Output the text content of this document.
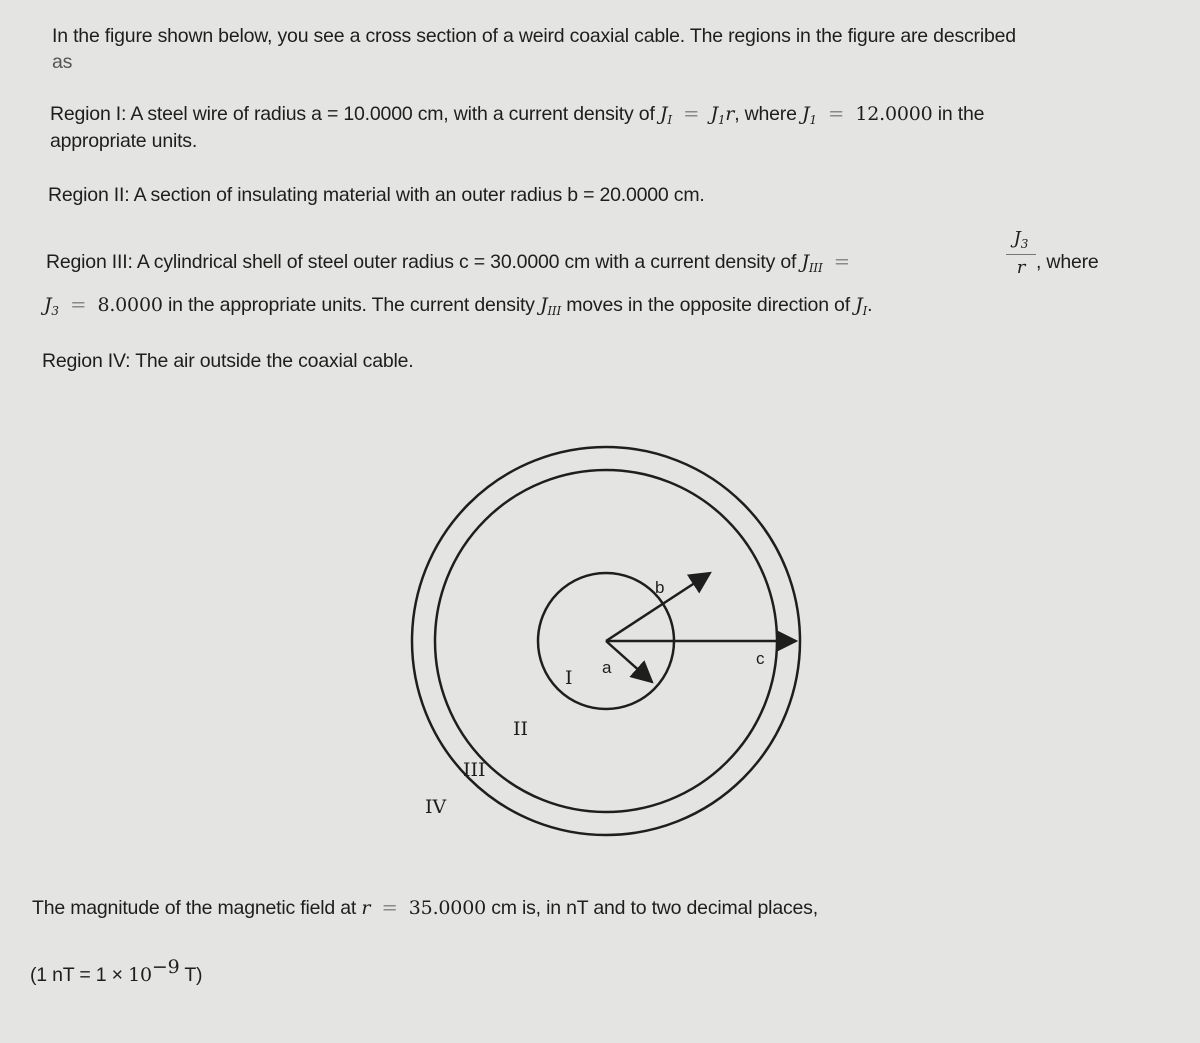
In the figure shown below, you see a cross section of a weird coaxial cable. The regions in the figure are described
as
Region I: A steel wire of radius a = 10.0000 cm, with a current density of $J_I = J_1r$, where $J_1 = 12.0000$ in the
appropriate units.
Region II: A section of insulating material with an outer radius b = 20.0000 cm.
Region III: A cylindrical shell of steel outer radius c = 30.0000 cm with a current density of $J_{III}$ =
$J_3$
r , where
$J_3 = 8.0000$ in the appropriate units. The current density $J_{III}$ moves in the opposite direction of $J_I$.
Region IV: The air outside the coaxial cable.
a
b
c
I
II
III
IV
The magnitude of the magnetic field at r = 35.0000 cm is, in nT and to two decimal places,
(1 nT = $1 \times 10^{-9}$ T)
